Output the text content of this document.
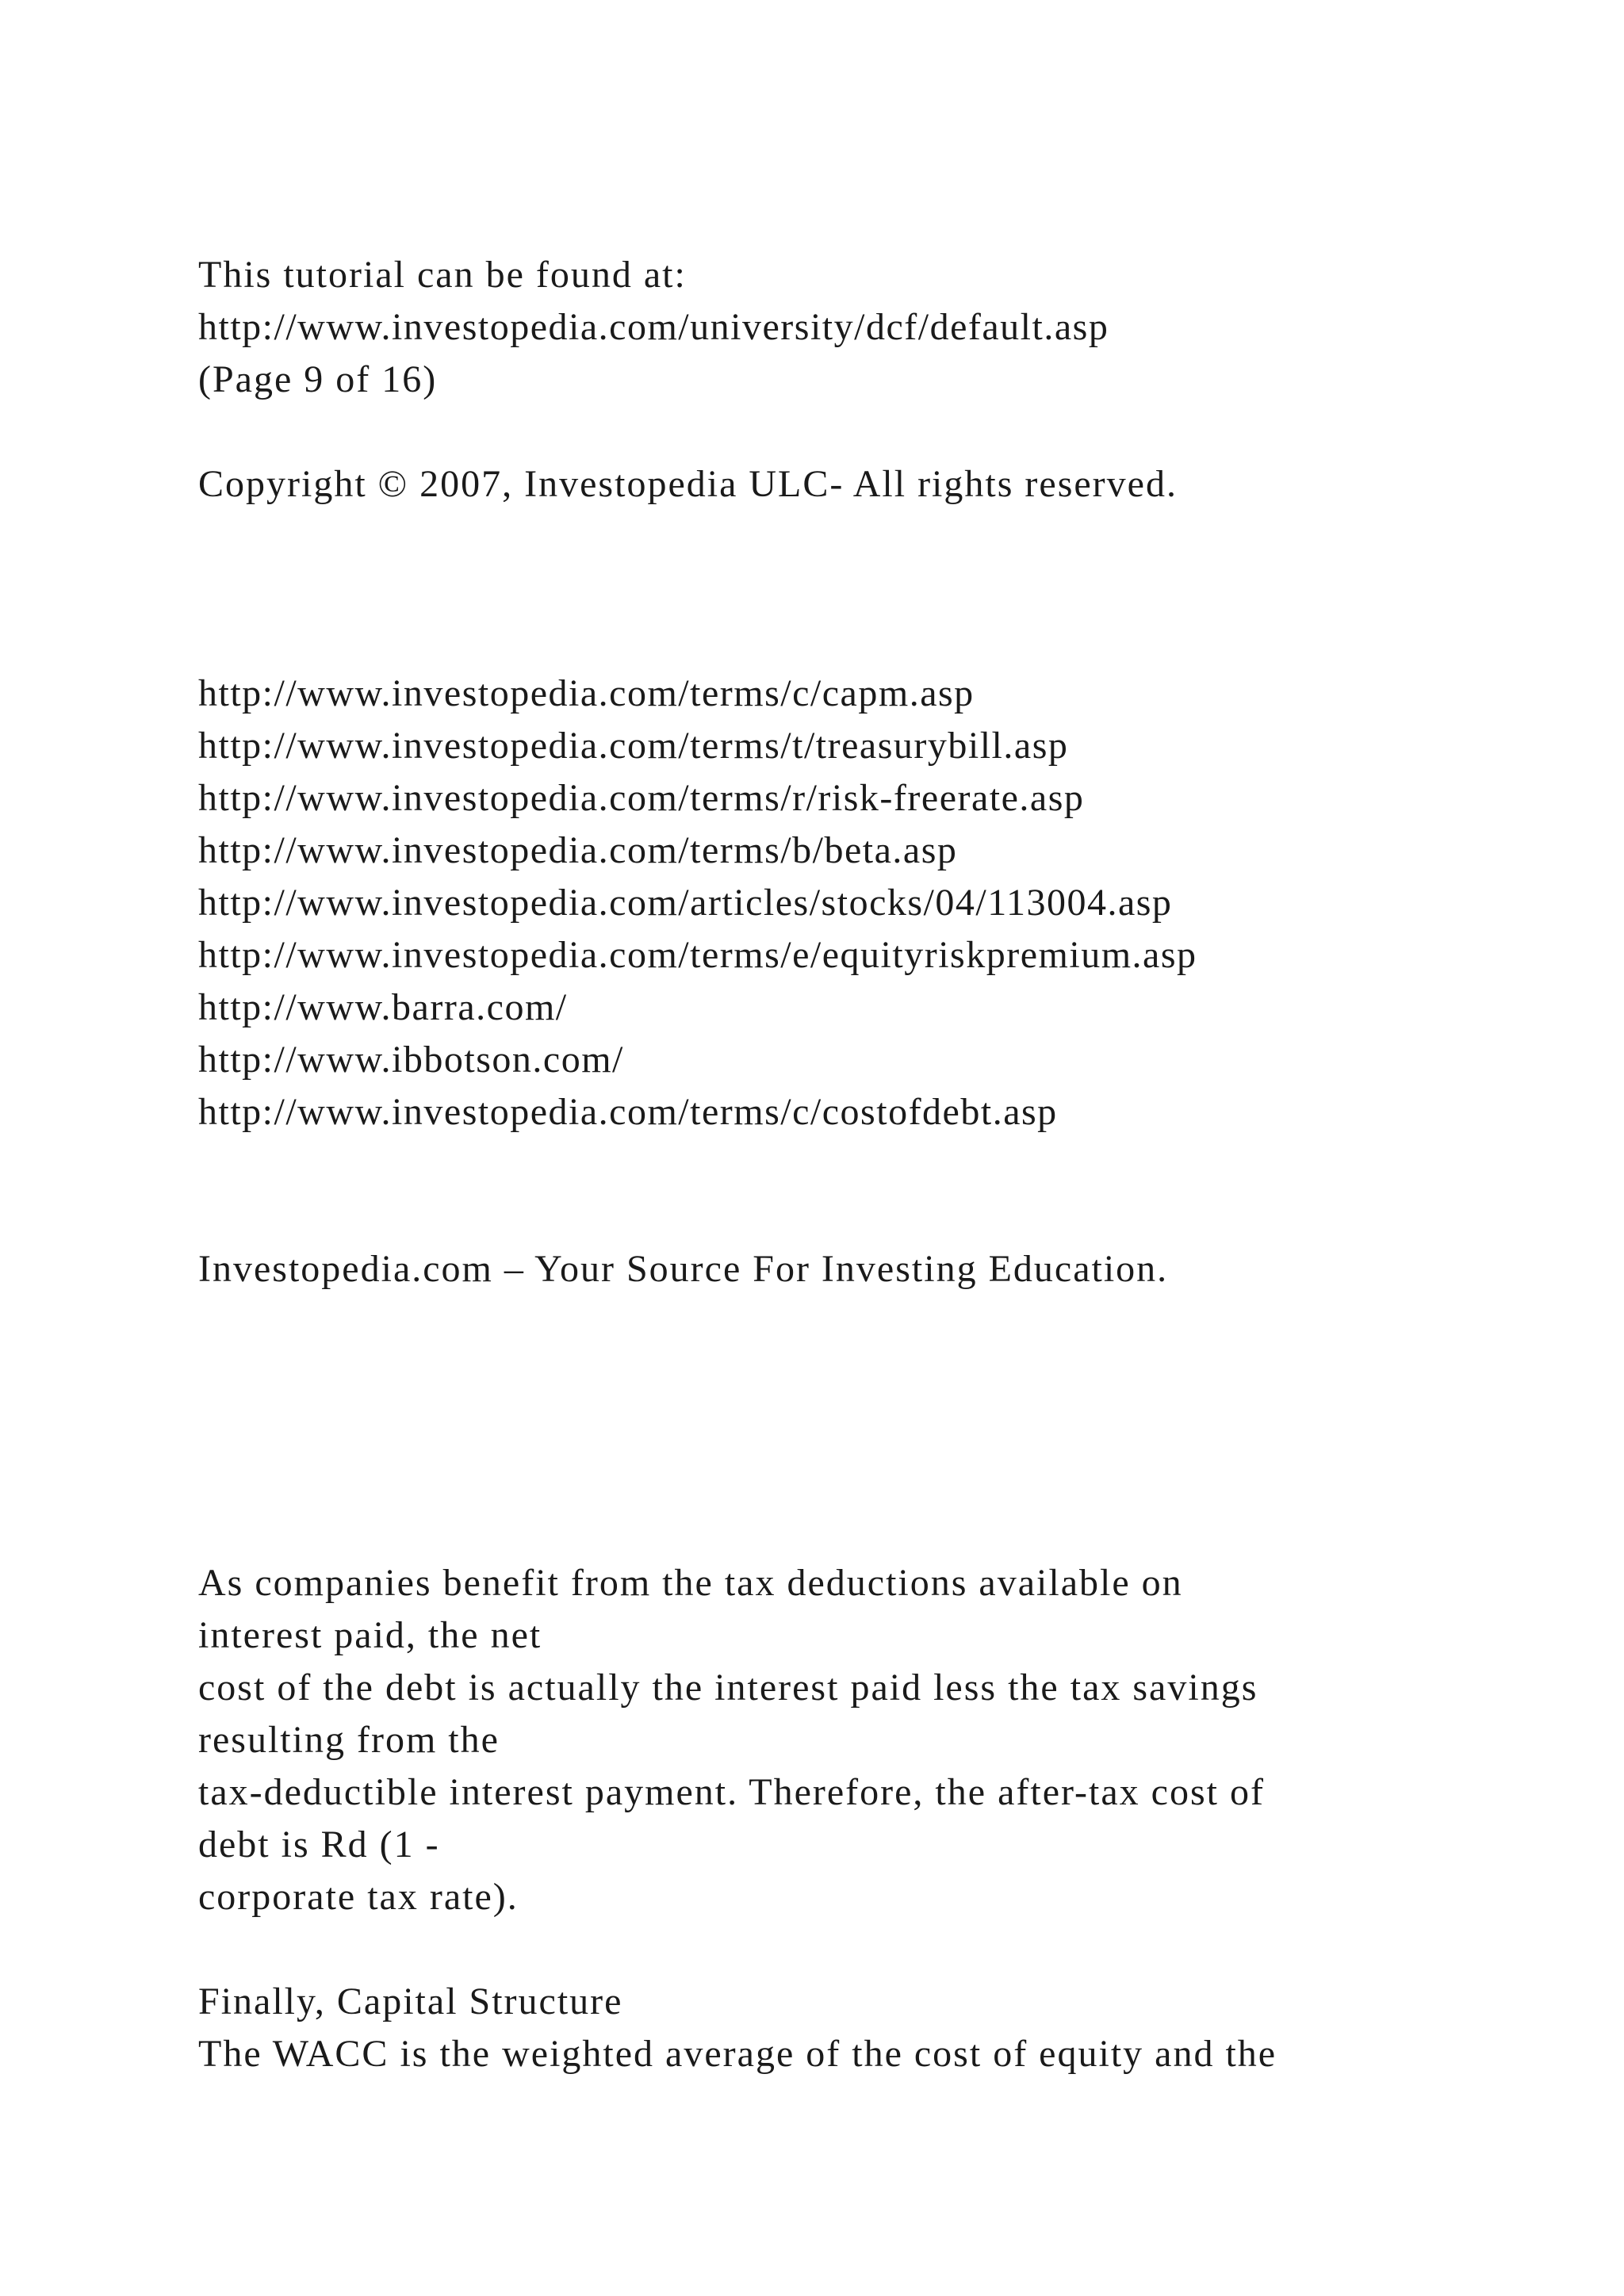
This tutorial can be found at:

http://www.investopedia.com/university/dcf/default.asp

(Page 9 of 16)

Copyright © 2007, Investopedia ULC- All rights reserved.

http://www.investopedia.com/terms/c/capm.asp

http://www.investopedia.com/terms/t/treasurybill.asp

http://www.investopedia.com/terms/r/risk-freerate.asp

http://www.investopedia.com/terms/b/beta.asp

http://www.investopedia.com/articles/stocks/04/113004.asp

http://www.investopedia.com/terms/e/equityriskpremium.asp

http://www.barra.com/

http://www.ibbotson.com/

http://www.investopedia.com/terms/c/costofdebt.asp

Investopedia.com – Your Source For Investing Education.

As companies benefit from the tax deductions available on

interest paid, the net

cost of the debt is actually the interest paid less the tax savings

resulting from the

tax-deductible interest payment. Therefore, the after-tax cost of

debt is Rd (1 -

corporate tax rate).

Finally, Capital Structure

The WACC is the weighted average of the cost of equity and the
